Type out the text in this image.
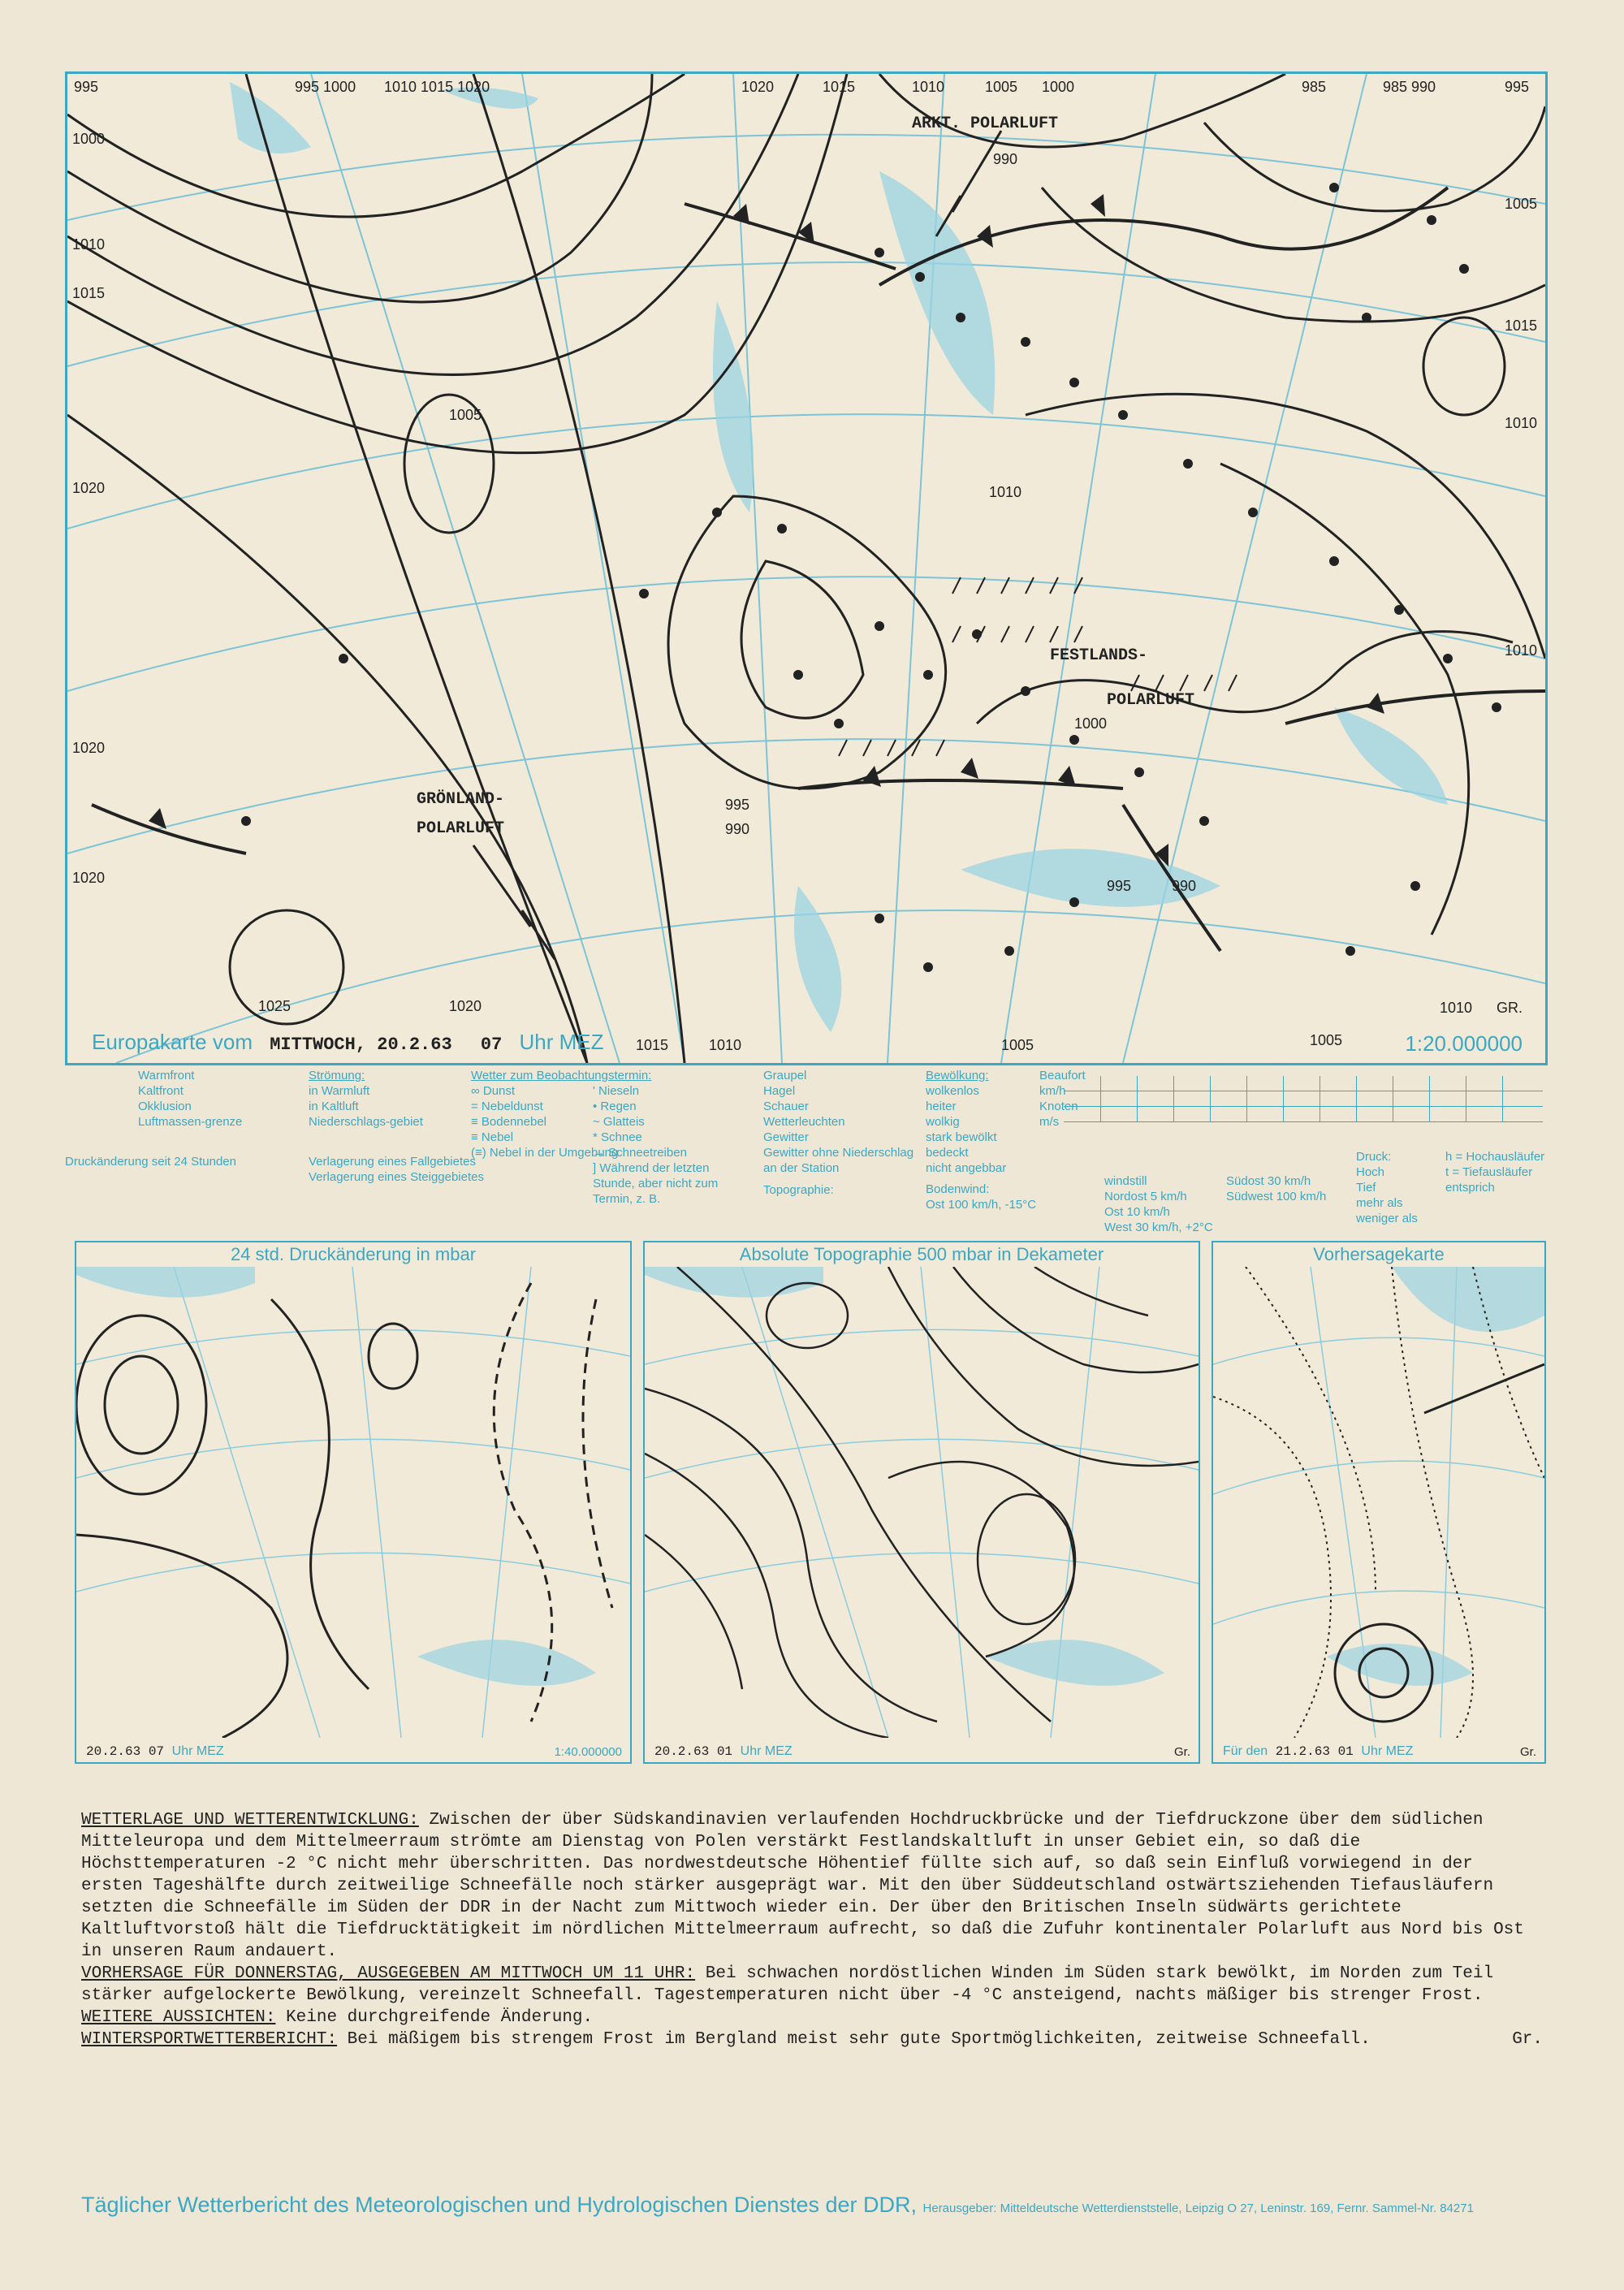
ARKT. POLARLUFT
FESTLANDS-
POLARLUFT
GRÖNLAND-
POLARLUFT
995	995 1000 1010 1015 1020	1020	1015	1010	1005 1000	985	985 990	995
1000
1010
1015
1020
1020
1020
1005
1025	1020
1015	1010	1005	1005
1010
990
1010
995
990
1000
995	990
1005
1015
1010
1010
GR.
Europakarte vom MITTWOCH, 20.2.63 07 Uhr MEZ	1:20.000000
Warmfront
Kaltfront
Okklusion
Luftmassen-grenze
Druckänderung seit 24 Stunden
Strömung:
in Warmluft
in Kaltluft
Niederschlags-gebiet
Verlagerung eines Fallgebietes
Verlagerung eines Steiggebietes
Wetter zum Beobachtungstermin:
∞ Dunst
= Nebeldunst
≡ Bodennebel
≡ Nebel
(≡) Nebel in der Umgebung
' Nieseln
• Regen
~ Glatteis
* Schnee
→ Schneetreiben
] Während der letzten Stunde, aber nicht zum Termin, z. B.
Graupel
Hagel
Schauer
Wetterleuchten
Gewitter
Gewitter ohne Niederschlag an der Station
Topographie:
Bewölkung:
wolkenlos
heiter
wolkig
stark bewölkt
bedeckt
nicht angebbar
Beaufort
km/h
Knoten
m/s
Bodenwind:
Ost 100 km/h, -15°C
windstill
Nordost 5 km/h
Ost 10 km/h
West 30 km/h, +2°C
Südost 30 km/h
Südwest 100 km/h
Druck:
Hoch
Tief
mehr als
weniger als
h = Hochausläufer
t = Tiefausläufer
entsprich
24 std. Druckänderung in mbar
20.2.63 07 Uhr MEZ	1:40.000000
Absolute Topographie 500 mbar in Dekameter
20.2.63 01 Uhr MEZ	Gr.
Vorhersagekarte
Für den 21.2.63 01 Uhr MEZ	Gr.

WETTERLAGE UND WETTERENTWICKLUNG: Zwischen der über Südskandinavien verlaufenden Hochdruckbrücke und der Tiefdruckzone über dem südlichen Mitteleuropa und dem Mittelmeerraum strömte am Dienstag von Polen verstärkt Festlandskaltluft in unser Gebiet ein, so daß die Höchsttemperaturen -2 °C nicht mehr überschritten. Das nordwestdeutsche Höhentief füllte sich auf, so daß sein Einfluß vorwiegend in der ersten Tageshälfte durch zeitweilige Schneefälle noch stärker ausgeprägt war. Mit den über Süddeutschland ostwärtsziehenden Tiefausläufern setzten die Schneefälle im Süden der DDR in der Nacht zum Mittwoch wieder ein. Der über den Britischen Inseln südwärts gerichtete Kaltluftvorstoß hält die Tiefdrucktätigkeit im nördlichen Mittelmeerraum aufrecht, so daß die Zufuhr kontinentaler Polarluft aus Nord bis Ost in unseren Raum andauert.

VORHERSAGE FÜR DONNERSTAG, AUSGEGEBEN AM MITTWOCH UM 11 UHR: Bei schwachen nordöstlichen Winden im Süden stark bewölkt, im Norden zum Teil stärker aufgelockerte Bewölkung, vereinzelt Schneefall. Tagestemperaturen nicht über -4 °C ansteigend, nachts mäßiger bis strenger Frost.

WEITERE AUSSICHTEN: Keine durchgreifende Änderung.

WINTERSPORTWETTERBERICHT: Bei mäßigem bis strengem Frost im Bergland meist sehr gute Sportmöglichkeiten, zeitweise Schneefall.	Gr.

Täglicher Wetterbericht des Meteorologischen und Hydrologischen Dienstes der DDR, Herausgeber: Mitteldeutsche Wetterdienststelle, Leipzig O 27, Leninstr. 169, Fernr. Sammel-Nr. 84271
